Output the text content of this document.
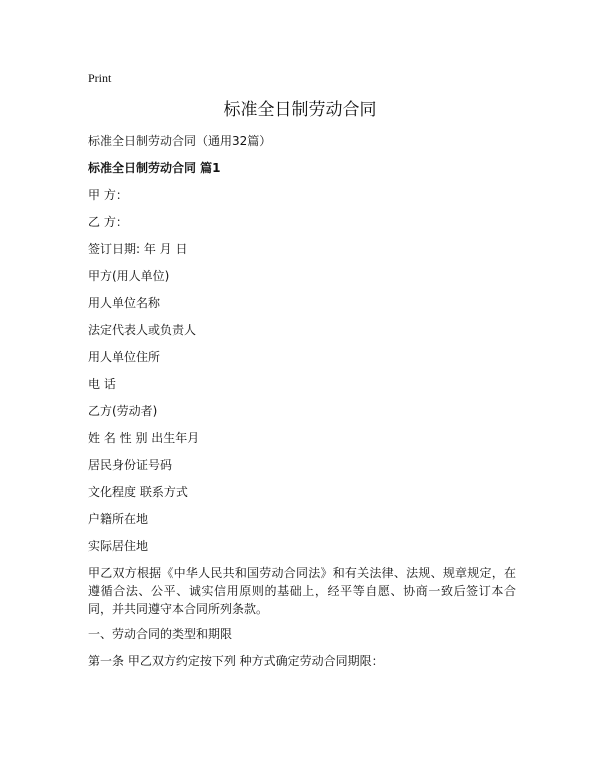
Print
标准全日制劳动合同
标准全日制劳动合同（通用32篇）
标准全日制劳动合同 篇1
甲 方：
乙 方：
签订日期: 年 月 日
甲方(用人单位)
用人单位名称
法定代表人或负责人
用人单位住所
电 话
乙方(劳动者)
姓 名 性 别 出生年月
居民身份证号码
文化程度 联系方式
户籍所在地
实际居住地
甲乙双方根据《中华人民共和国劳动合同法》和有关法律、法规、规章规定，在遵循合法、公平、诚实信用原则的基础上，经平等自愿、协商一致后签订本合同，并共同遵守本合同所列条款。
一、劳动合同的类型和期限
第一条 甲乙双方约定按下列 种方式确定劳动合同期限：
